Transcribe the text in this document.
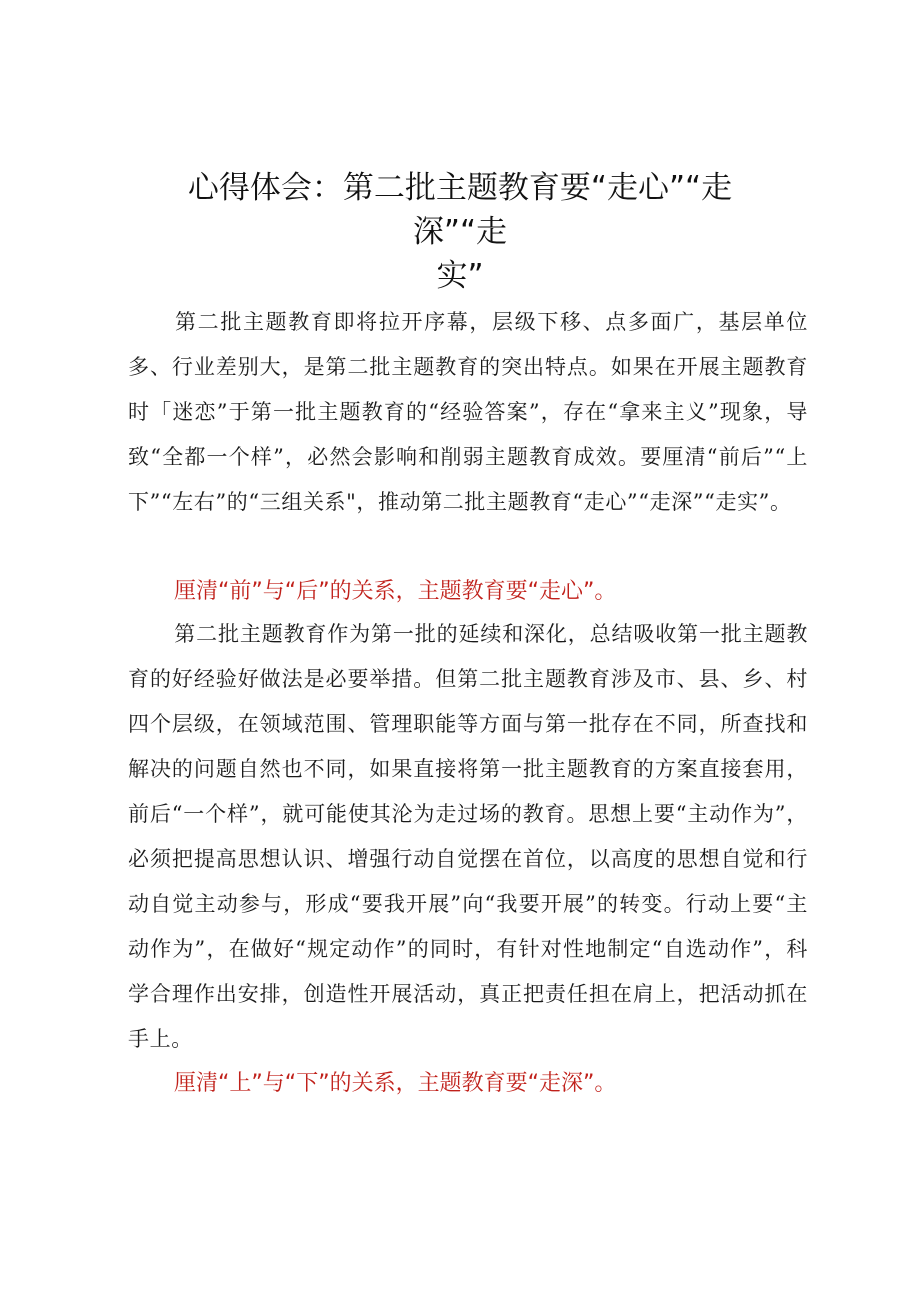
心得体会：第二批主题教育要“走心”“走
深”“走
实”

第二批主题教育即将拉开序幕，层级下移、点多面广，基层单位多、行业差别大，是第二批主题教育的突出特点。如果在开展主题教育时「迷恋”于第一批主题教育的“经验答案”，存在“拿来主义”现象，导致“全都一个样”，必然会影响和削弱主题教育成效。要厘清“前后”“上下”“左右”的“三组关系"，推动第二批主题教育“走心”“走深”“走实”。

厘清“前”与“后”的关系，主题教育要“走心”。

第二批主题教育作为第一批的延续和深化，总结吸收第一批主题教育的好经验好做法是必要举措。但第二批主题教育涉及市、县、乡、村四个层级，在领域范围、管理职能等方面与第一批存在不同，所查找和解决的问题自然也不同，如果直接将第一批主题教育的方案直接套用，前后“一个样”，就可能使其沦为走过场的教育。思想上要“主动作为”，必须把提高思想认识、增强行动自觉摆在首位，以高度的思想自觉和行动自觉主动参与，形成“要我开展”向“我要开展”的转变。行动上要“主动作为”，在做好“规定动作”的同时，有针对性地制定“自选动作”，科学合理作出安排，创造性开展活动，真正把责任担在肩上，把活动抓在手上。

厘清“上”与“下”的关系，主题教育要“走深”。
